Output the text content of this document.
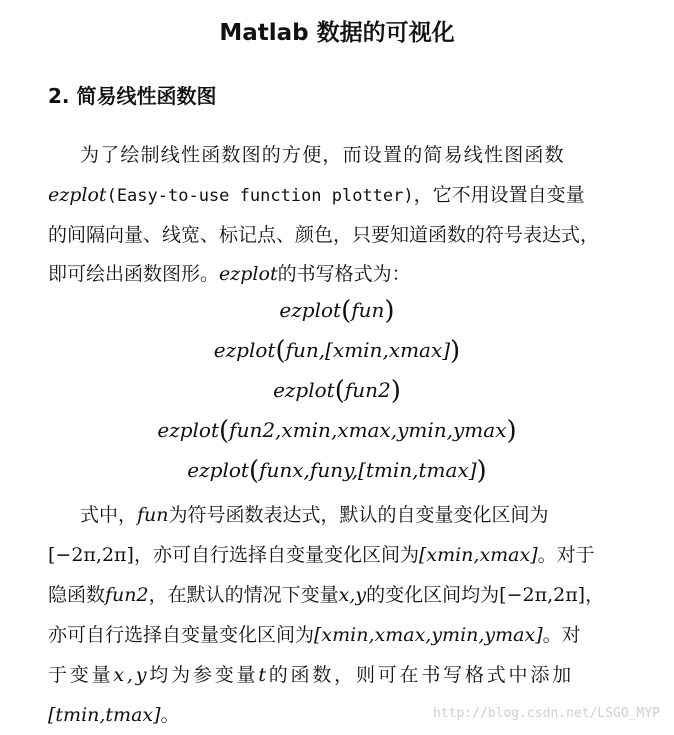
Matlab 数据的可视化
2. 简易线性函数图
为了绘制线性函数图的方便，而设置的简易线性图函数
ezplot(Easy-to-use function plotter)，它不用设置自变量
的间隔向量、线宽、标记点、颜色，只要知道函数的符号表达式，
即可绘出函数图形。ezplot的书写格式为：
ezplot(fun)
ezplot(fun,[xmin,xmax])
ezplot(fun2)
ezplot(fun2,xmin,xmax,ymin,ymax)
ezplot(funx,funy,[tmin,tmax])
式中，fun为符号函数表达式，默认的自变量变化区间为
[−2π,2π]，亦可自行选择自变量变化区间为[xmin,xmax]。对于
隐函数fun2，在默认的情况下变量x,y的变化区间均为[−2π,2π]，
亦可自行选择自变量变化区间为[xmin,xmax,ymin,ymax]。对
于变量x,y均为参变量t的函数，则可在书写格式中添加
[tmin,tmax]。	http://blog.csdn.net/LSGO_MYP
